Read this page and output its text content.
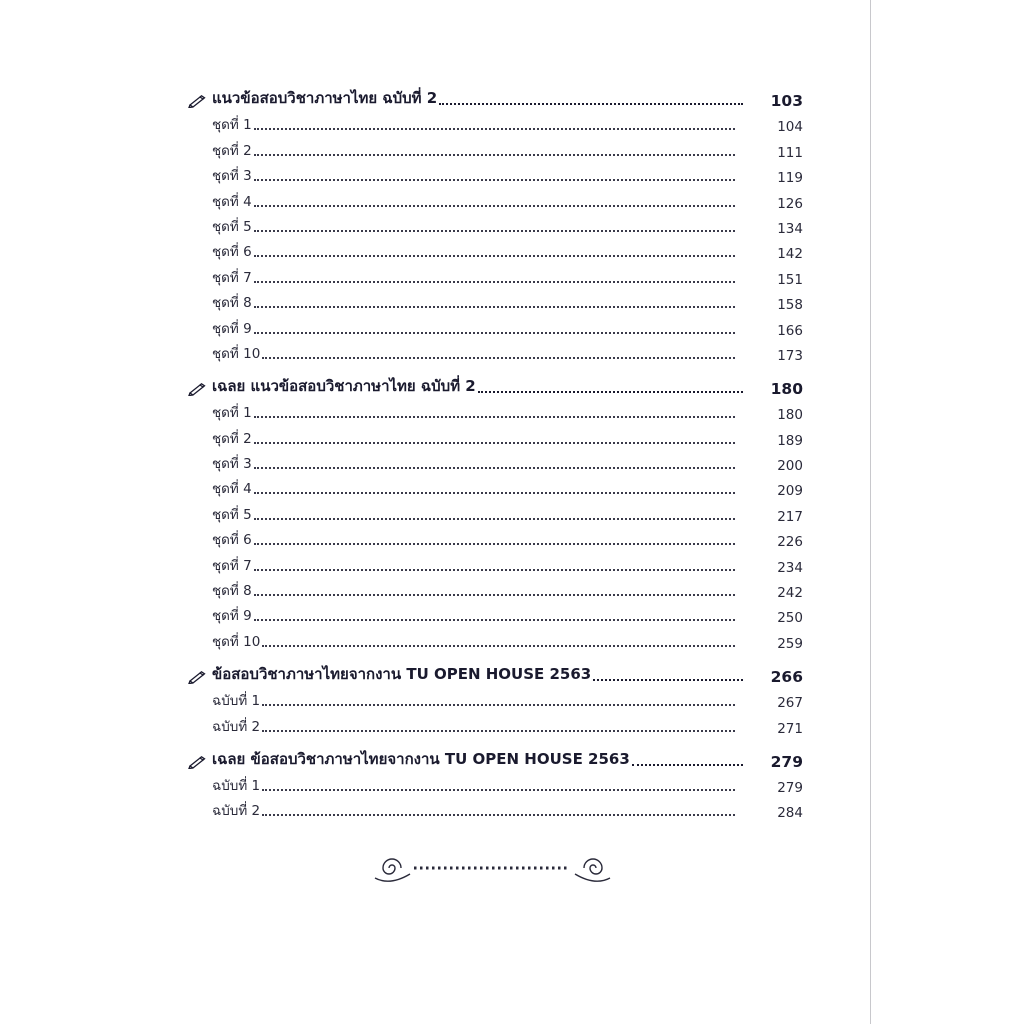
แนวข้อสอบวิชาภาษาไทย ฉบับที่ 2	103
ชุดที่ 1	104
ชุดที่ 2	111
ชุดที่ 3	119
ชุดที่ 4	126
ชุดที่ 5	134
ชุดที่ 6	142
ชุดที่ 7	151
ชุดที่ 8	158
ชุดที่ 9	166
ชุดที่ 10	173
เฉลย แนวข้อสอบวิชาภาษาไทย ฉบับที่ 2	180
ชุดที่ 1	180
ชุดที่ 2	189
ชุดที่ 3	200
ชุดที่ 4	209
ชุดที่ 5	217
ชุดที่ 6	226
ชุดที่ 7	234
ชุดที่ 8	242
ชุดที่ 9	250
ชุดที่ 10	259
ข้อสอบวิชาภาษาไทยจากงาน TU OPEN HOUSE 2563	266
ฉบับที่ 1	267
ฉบับที่ 2	271
เฉลย ข้อสอบวิชาภาษาไทยจากงาน TU OPEN HOUSE 2563	279
ฉบับที่ 1	279
ฉบับที่ 2	284
